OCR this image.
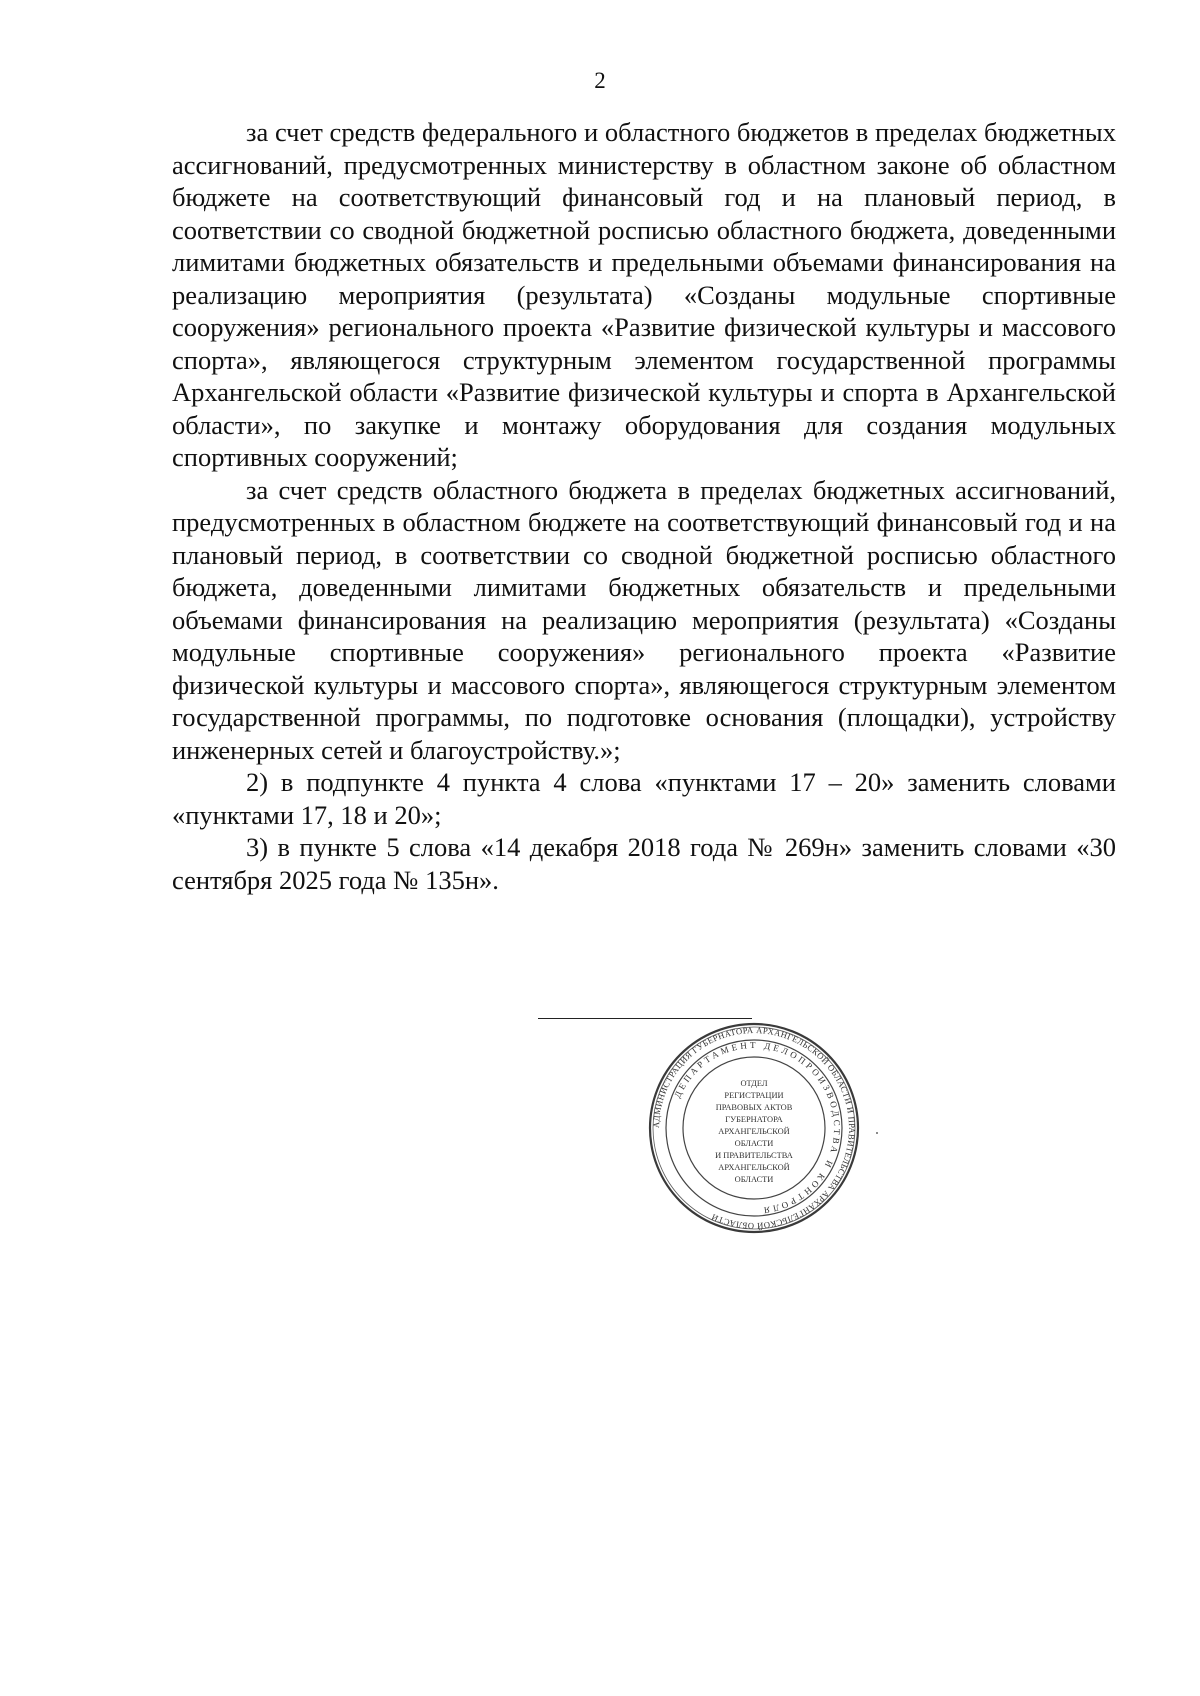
2

за счет средств федерального и областного бюджетов в пределах бюджетных ассигнований, предусмотренных министерству в областном законе об областном бюджете на соответствующий финансовый год и на плановый период, в соответствии со сводной бюджетной росписью областного бюджета, доведенными лимитами бюджетных обязательств и предельными объемами финансирования на реализацию мероприятия (результата) «Созданы модульные спортивные сооружения» регионального проекта «Развитие физической культуры и массового спорта», являющегося структурным элементом государственной программы Архангельской области «Развитие физической культуры и спорта в Архангельской области», по закупке и монтажу оборудования для создания модульных спортивных сооружений;

за счет средств областного бюджета в пределах бюджетных ассигнований, предусмотренных в областном бюджете на соответствующий финансовый год и на плановый период, в соответствии со сводной бюджетной росписью областного бюджета, доведенными лимитами бюджетных обязательств и предельными объемами финансирования на реализацию мероприятия (результата) «Созданы модульные спортивные сооружения» регионального проекта «Развитие физической культуры и массового спорта», являющегося структурным элементом государственной программы, по подготовке основания (площадки), устройству инженерных сетей и благоустройству.»;

2) в подпункте 4 пункта 4 слова «пунктами 17 – 20» заменить словами «пунктами 17, 18 и 20»;

3) в пункте 5 слова «14 декабря 2018 года № 269н» заменить словами «30 сентября 2025 года № 135н».

АДМИНИСТРАЦИЯ ГУБЕРНАТОРА АРХАНГЕЛЬСКОЙ ОБЛАСТИ И ПРАВИТЕЛЬСТВА АРХАНГЕЛЬСКОЙ ОБЛАСТИ
ДЕПАРТАМЕНТ ДЕЛОПРОИЗВОДСТВА И КОНТРОЛЯ
ОТДЕЛ
РЕГИСТРАЦИИ
ПРАВОВЫХ АКТОВ
ГУБЕРНАТОРА
АРХАНГЕЛЬСКОЙ
ОБЛАСТИ
И ПРАВИТЕЛЬСТВА
АРХАНГЕЛЬСКОЙ
ОБЛАСТИ
